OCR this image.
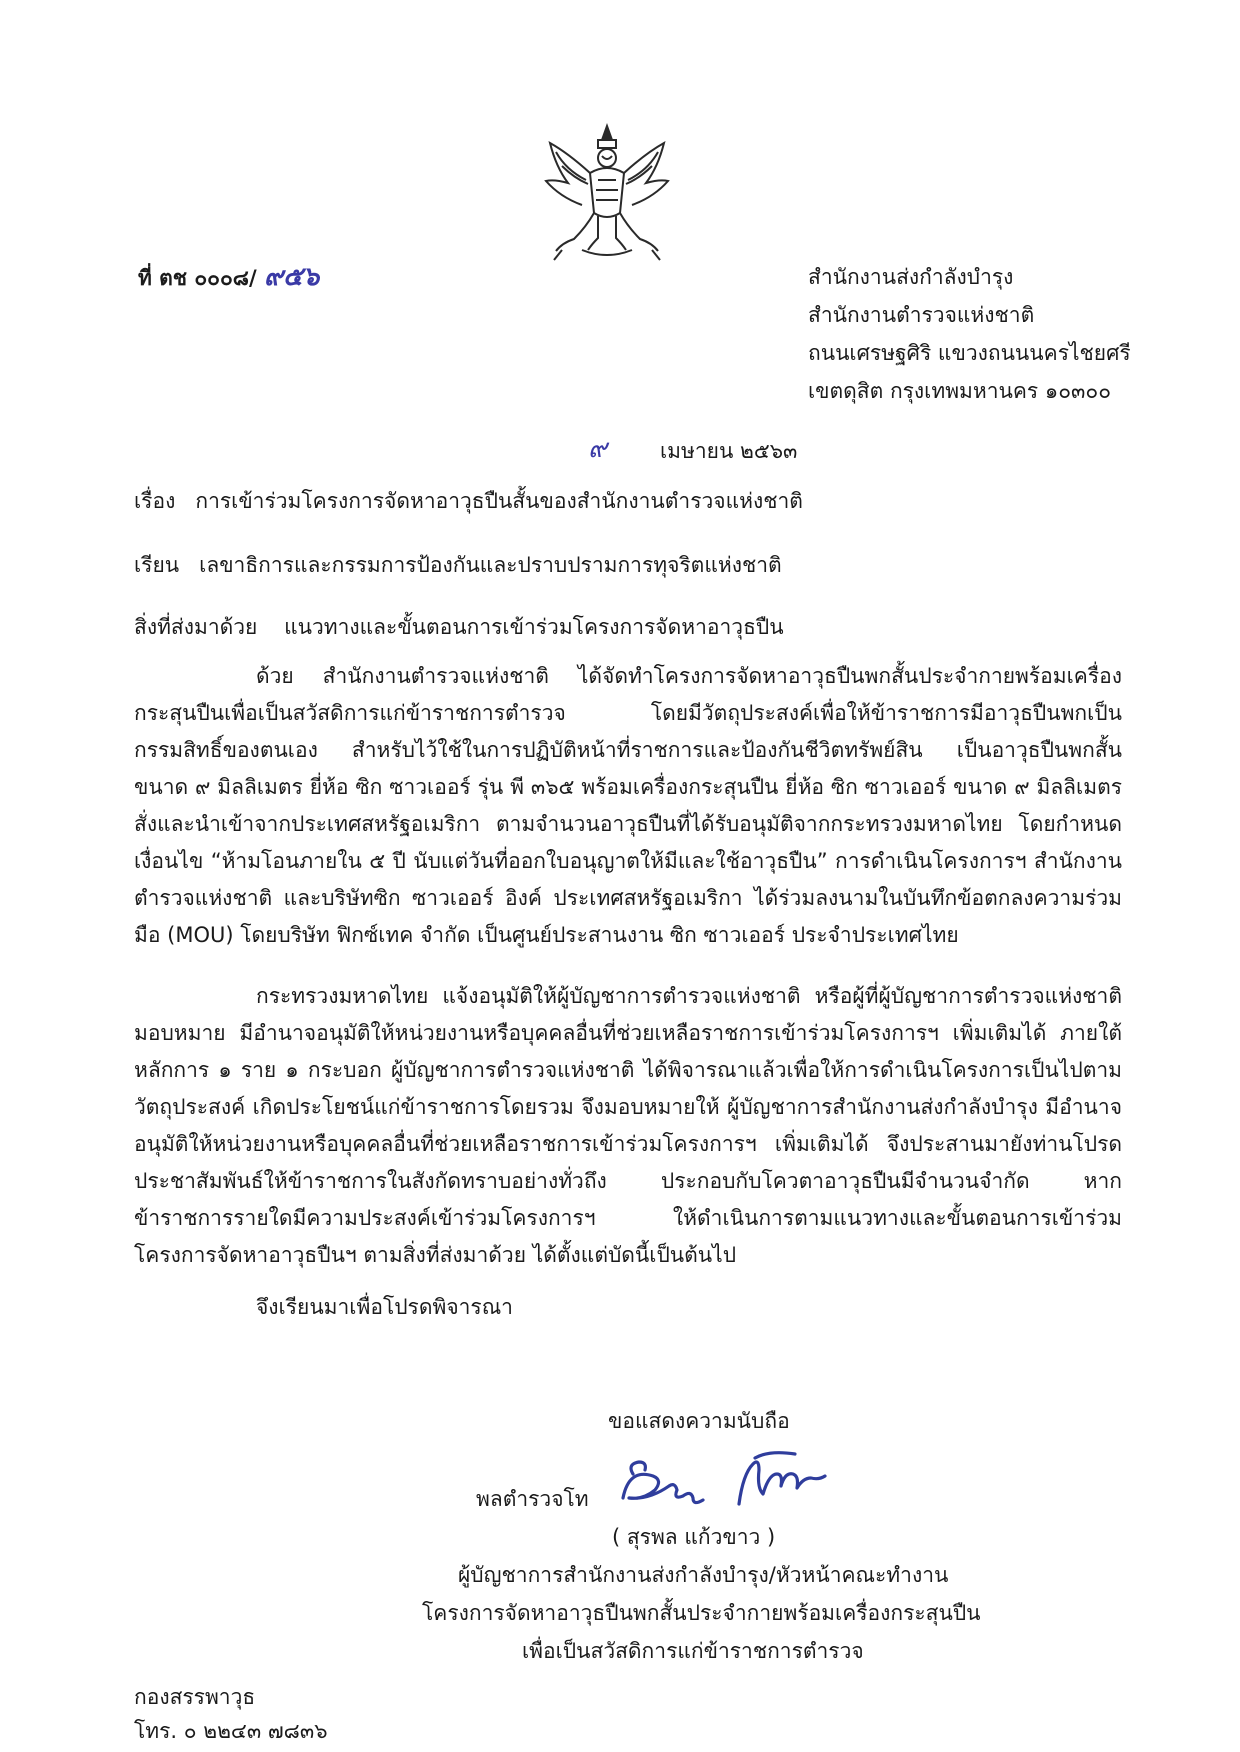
ที่ ตช ๐๐๐๘/ ๙๕๖	สำนักงานส่งกำลังบำรุง
สำนักงานตำรวจแห่งชาติ
ถนนเศรษฐศิริ แขวงถนนนครไชยศรี
เขตดุสิต กรุงเทพมหานคร ๑๐๓๐๐
๙	เมษายน ๒๕๖๓
เรื่อง การเข้าร่วมโครงการจัดหาอาวุธปืนสั้นของสำนักงานตำรวจแห่งชาติ
เรียน เลขาธิการและกรรมการป้องกันและปราบปรามการทุจริตแห่งชาติ
สิ่งที่ส่งมาด้วย แนวทางและขั้นตอนการเข้าร่วมโครงการจัดหาอาวุธปืน
ด้วย สำนักงานตำรวจแห่งชาติ ได้จัดทำโครงการจัดหาอาวุธปืนพกสั้นประจำกายพร้อมเครื่องกระสุนปืนเพื่อเป็นสวัสดิการแก่ข้าราชการตำรวจ โดยมีวัตถุประสงค์เพื่อให้ข้าราชการมีอาวุธปืนพกเป็นกรรมสิทธิ์ของตนเอง สำหรับไว้ใช้ในการปฏิบัติหน้าที่ราชการและป้องกันชีวิตทรัพย์สิน เป็นอาวุธปืนพกสั้น ขนาด ๙ มิลลิเมตร ยี่ห้อ ซิก ซาวเออร์ รุ่น พี ๓๖๕ พร้อมเครื่องกระสุนปืน ยี่ห้อ ซิก ซาวเออร์ ขนาด ๙ มิลลิเมตร สั่งและนำเข้าจากประเทศสหรัฐอเมริกา ตามจำนวนอาวุธปืนที่ได้รับอนุมัติจากกระทรวงมหาดไทย โดยกำหนดเงื่อนไข “ห้ามโอนภายใน ๕ ปี นับแต่วันที่ออกใบอนุญาตให้มีและใช้อาวุธปืน” การดำเนินโครงการฯ สำนักงานตำรวจแห่งชาติ และบริษัทซิก ซาวเออร์ อิงค์ ประเทศสหรัฐอเมริกา ได้ร่วมลงนามในบันทึกข้อตกลงความร่วมมือ (MOU) โดยบริษัท ฟิกซ์เทค จำกัด เป็นศูนย์ประสานงาน ซิก ซาวเออร์ ประจำประเทศไทย
กระทรวงมหาดไทย แจ้งอนุมัติให้ผู้บัญชาการตำรวจแห่งชาติ หรือผู้ที่ผู้บัญชาการตำรวจแห่งชาติมอบหมาย มีอำนาจอนุมัติให้หน่วยงานหรือบุคคลอื่นที่ช่วยเหลือราชการเข้าร่วมโครงการฯ เพิ่มเติมได้ ภายใต้หลักการ ๑ ราย ๑ กระบอก ผู้บัญชาการตำรวจแห่งชาติ ได้พิจารณาแล้วเพื่อให้การดำเนินโครงการเป็นไปตามวัตถุประสงค์ เกิดประโยชน์แก่ข้าราชการโดยรวม จึงมอบหมายให้ ผู้บัญชาการสำนักงานส่งกำลังบำรุง มีอำนาจอนุมัติให้หน่วยงานหรือบุคคลอื่นที่ช่วยเหลือราชการเข้าร่วมโครงการฯ เพิ่มเติมได้ จึงประสานมายังท่านโปรดประชาสัมพันธ์ให้ข้าราชการในสังกัดทราบอย่างทั่วถึง ประกอบกับโควตาอาวุธปืนมีจำนวนจำกัด หากข้าราชการรายใดมีความประสงค์เข้าร่วมโครงการฯ ให้ดำเนินการตามแนวทางและขั้นตอนการเข้าร่วมโครงการจัดหาอาวุธปืนฯ ตามสิ่งที่ส่งมาด้วย ได้ตั้งแต่บัดนี้เป็นต้นไป
จึงเรียนมาเพื่อโปรดพิจารณา
ขอแสดงความนับถือ
พลตำรวจโท
( สุรพล แก้วขาว )
ผู้บัญชาการสำนักงานส่งกำลังบำรุง/หัวหน้าคณะทำงาน
โครงการจัดหาอาวุธปืนพกสั้นประจำกายพร้อมเครื่องกระสุนปืน
เพื่อเป็นสวัสดิการแก่ข้าราชการตำรวจ
กองสรรพาวุธ
โทร. ๐ ๒๒๔๓ ๗๘๓๖
